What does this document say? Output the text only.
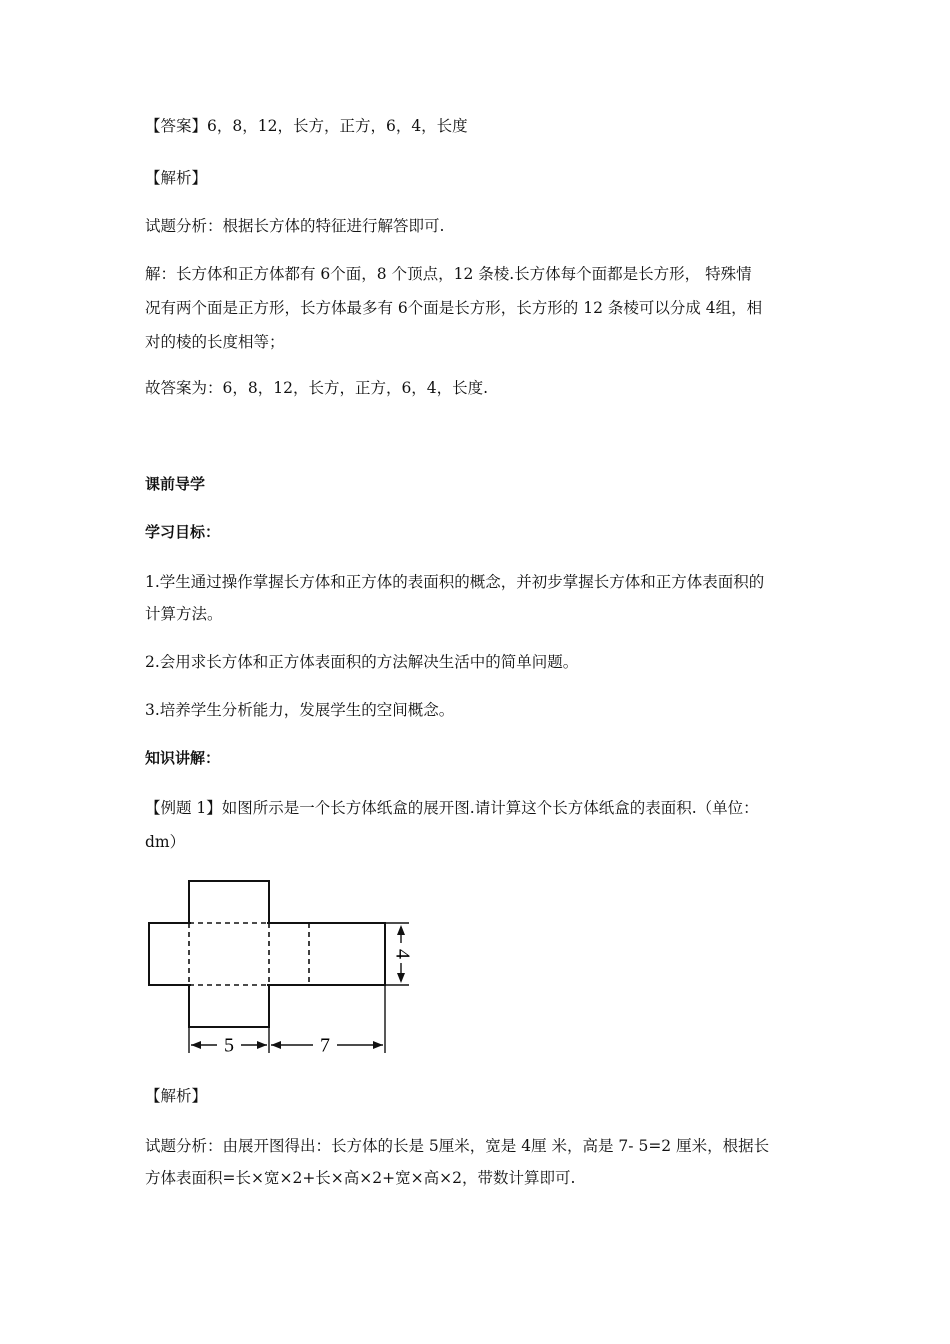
【答案】6，8，12，长方，正方，6，4，长度
【解析】
试题分析：根据长方体的特征进行解答即可.
解：长方体和正方体都有 6个面，8 个顶点，12 条棱.长方体每个面都是长方形， 特殊情
况有两个面是正方形，长方体最多有 6个面是长方形，长方形的 12 条棱可以分成 4组，相
对的棱的长度相等；
故答案为：6，8，12，长方，正方，6，4，长度.
课前导学
学习目标：
1.学生通过操作掌握长方体和正方体的表面积的概念，并初步掌握长方体和正方体表面积的
计算方法。
2.会用求长方体和正方体表面积的方法解决生活中的简单问题。
3.培养学生分析能力，发展学生的空间概念。
知识讲解：
【例题 1】如图所示是一个长方体纸盒的展开图.请计算这个长方体纸盒的表面积.（单位：
dm）
4
5	7
【解析】
试题分析：由展开图得出：长方体的长是 5厘米，宽是 4厘 米，高是 7- 5=2 厘米，根据长
方体表面积=长×宽×2+长×高×2+宽×高×2，带数计算即可.
